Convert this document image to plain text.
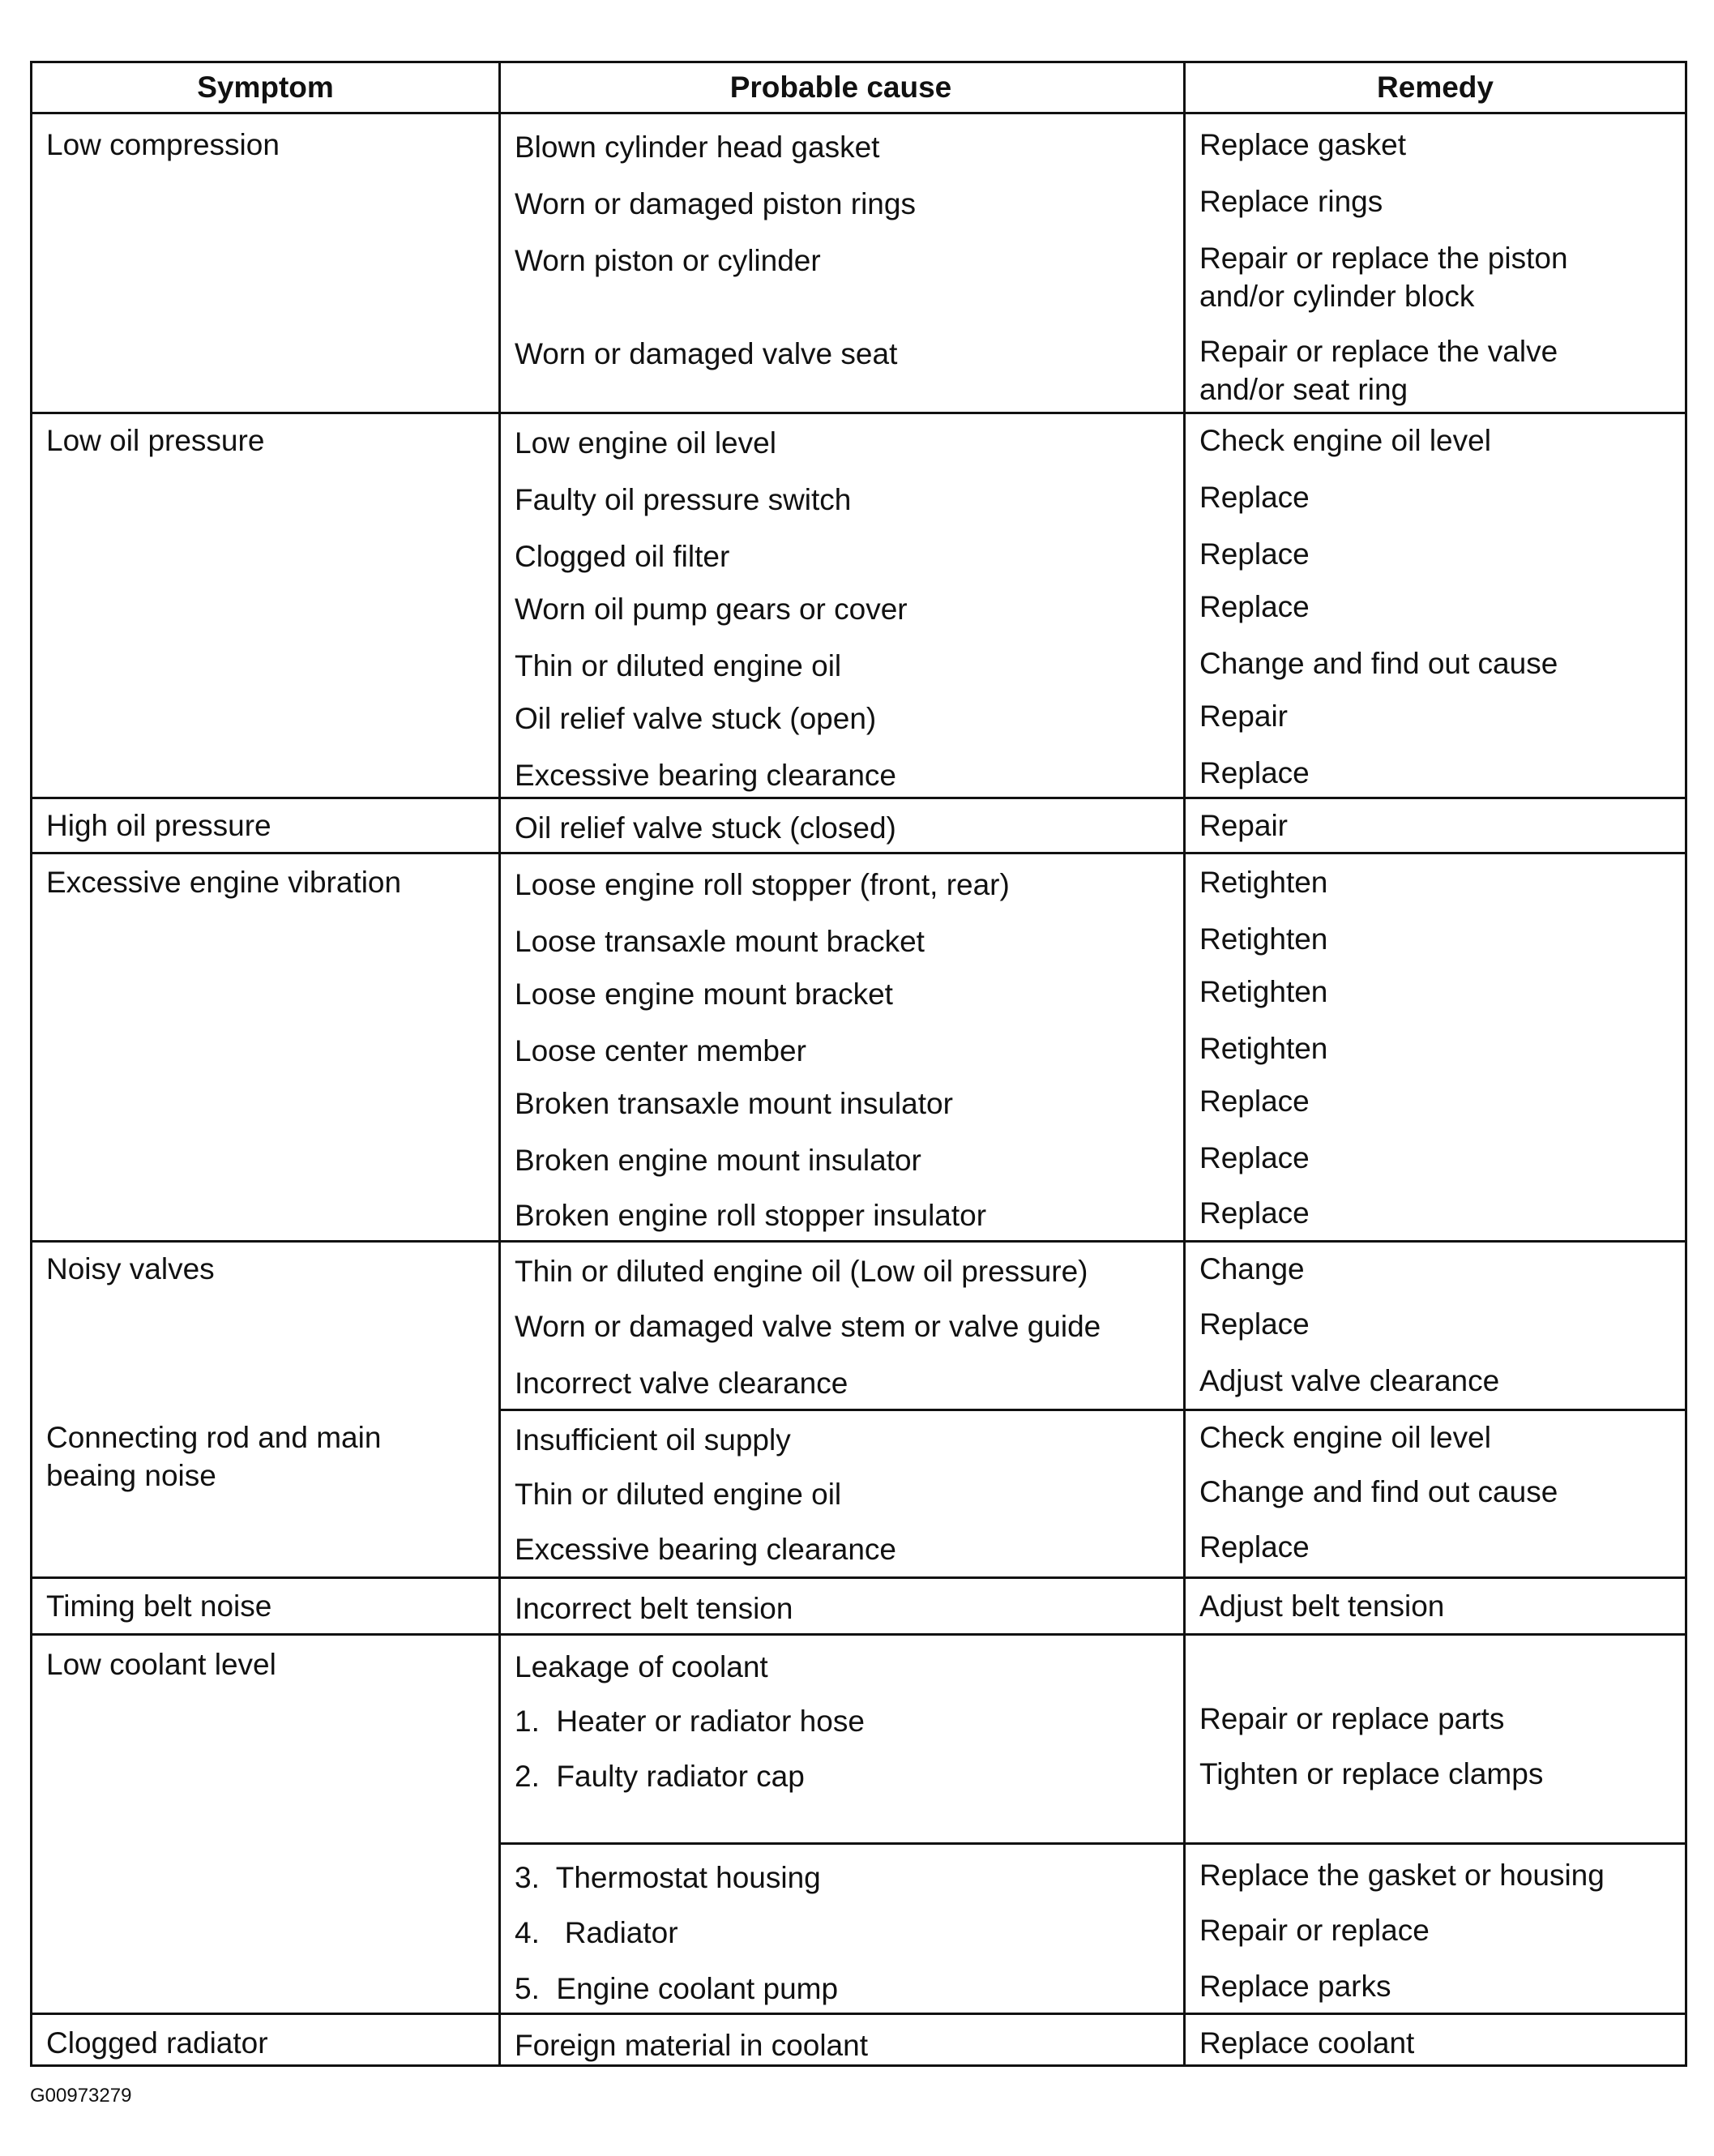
Symptom	Probable cause	Remedy
Low compression	Blown cylinder head gasket	Replace gasket
Worn or damaged piston rings	Replace rings
Worn piston or cylinder	Repair or replace the piston
and/or cylinder block
Worn or damaged valve seat	Repair or replace the valve
and/or seat ring
Low oil pressure	Low engine oil level	Check engine oil level
Faulty oil pressure switch	Replace
Clogged oil filter	Replace
Worn oil pump gears or cover	Replace
Thin or diluted engine oil	Change and find out cause
Oil relief valve stuck (open)	Repair
Excessive bearing clearance	Replace
High oil pressure	Oil relief valve stuck (closed)	Repair
Excessive engine vibration	Loose engine roll stopper (front, rear)	Retighten
Loose transaxle mount bracket	Retighten
Loose engine mount bracket	Retighten
Loose center member	Retighten
Broken transaxle mount insulator	Replace
Broken engine mount insulator	Replace
Broken engine roll stopper insulator	Replace
Noisy valves	Thin or diluted engine oil (Low oil pressure)	Change
Worn or damaged valve stem or valve guide	Replace
Incorrect valve clearance	Adjust valve clearance
Connecting rod and main
beaing noise
Insufficient oil supply	Check engine oil level
Thin or diluted engine oil	Change and find out cause
Excessive bearing clearance	Replace
Timing belt noise	Incorrect belt tension	Adjust belt tension
Low coolant level	Leakage of coolant
1.  Heater or radiator hose	Repair or replace parts
2.  Faulty radiator cap	Tighten or replace clamps
3.  Thermostat housing	Replace the gasket or housing
4.   Radiator	Repair or replace
5.  Engine coolant pump	Replace parks
Clogged radiator	Foreign material in coolant	Replace coolant
G00973279
